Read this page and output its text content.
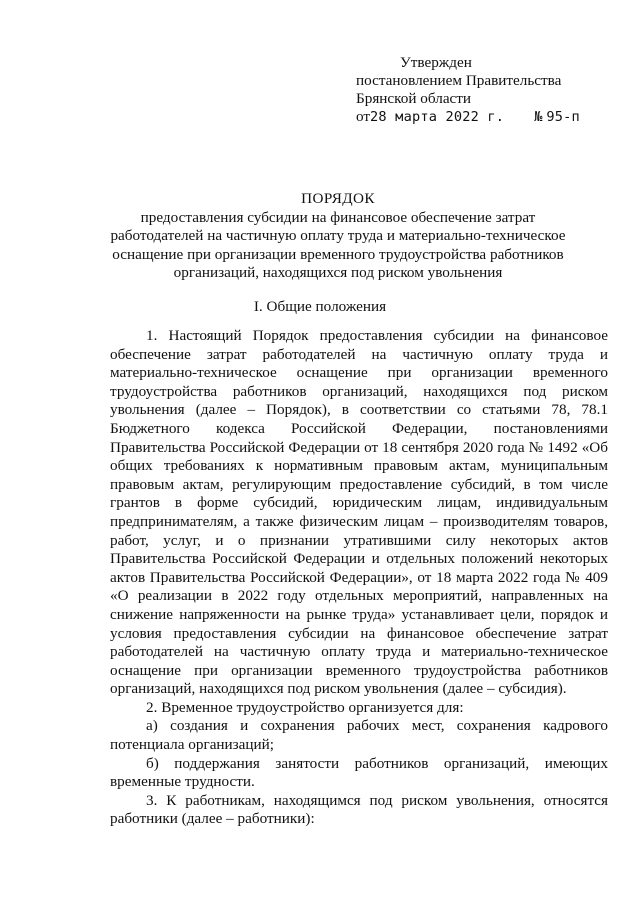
Утвержден
постановлением Правительства
Брянской области
от28 марта 2022 г. № 95-п
ПОРЯДОК
предоставления субсидии на финансовое обеспечение затрат работодателей на частичную оплату труда и материально-техническое оснащение при организации временного трудоустройства работников организаций, находящихся под риском увольнения
I. Общие положения

1. Настоящий Порядок предоставления субсидии на финансовое обеспечение затрат работодателей на частичную оплату труда и материально-техническое оснащение при организации временного трудоустройства работников организаций, находящихся под риском увольнения (далее – Порядок), в соответствии со статьями 78, 78.1 Бюджетного кодекса Российской Федерации, постановлениями Правительства Российской Федерации от 18 сентября 2020 года № 1492 «Об общих требованиях к нормативным правовым актам, муниципальным правовым актам, регулирующим предоставление субсидий, в том числе грантов в форме субсидий, юридическим лицам, индивидуальным предпринимателям, а также физическим лицам – производителям товаров, работ, услуг, и о признании утратившими силу некоторых актов Правительства Российской Федерации и отдельных положений некоторых актов Правительства Российской Федерации», от 18 марта 2022 года № 409 «О реализации в 2022 году отдельных мероприятий, направленных на снижение напряженности на рынке труда» устанавливает цели, порядок и условия предоставления субсидии на финансовое обеспечение затрат работодателей на частичную оплату труда и материально-техническое оснащение при организации временного трудоустройства работников организаций, находящихся под риском увольнения (далее – субсидия).

2. Временное трудоустройство организуется для:

а) создания и сохранения рабочих мест, сохранения кадрового потенциала организаций;

б) поддержания занятости работников организаций, имеющих временные трудности.

3. К работникам, находящимся под риском увольнения, относятся работники (далее – работники):
